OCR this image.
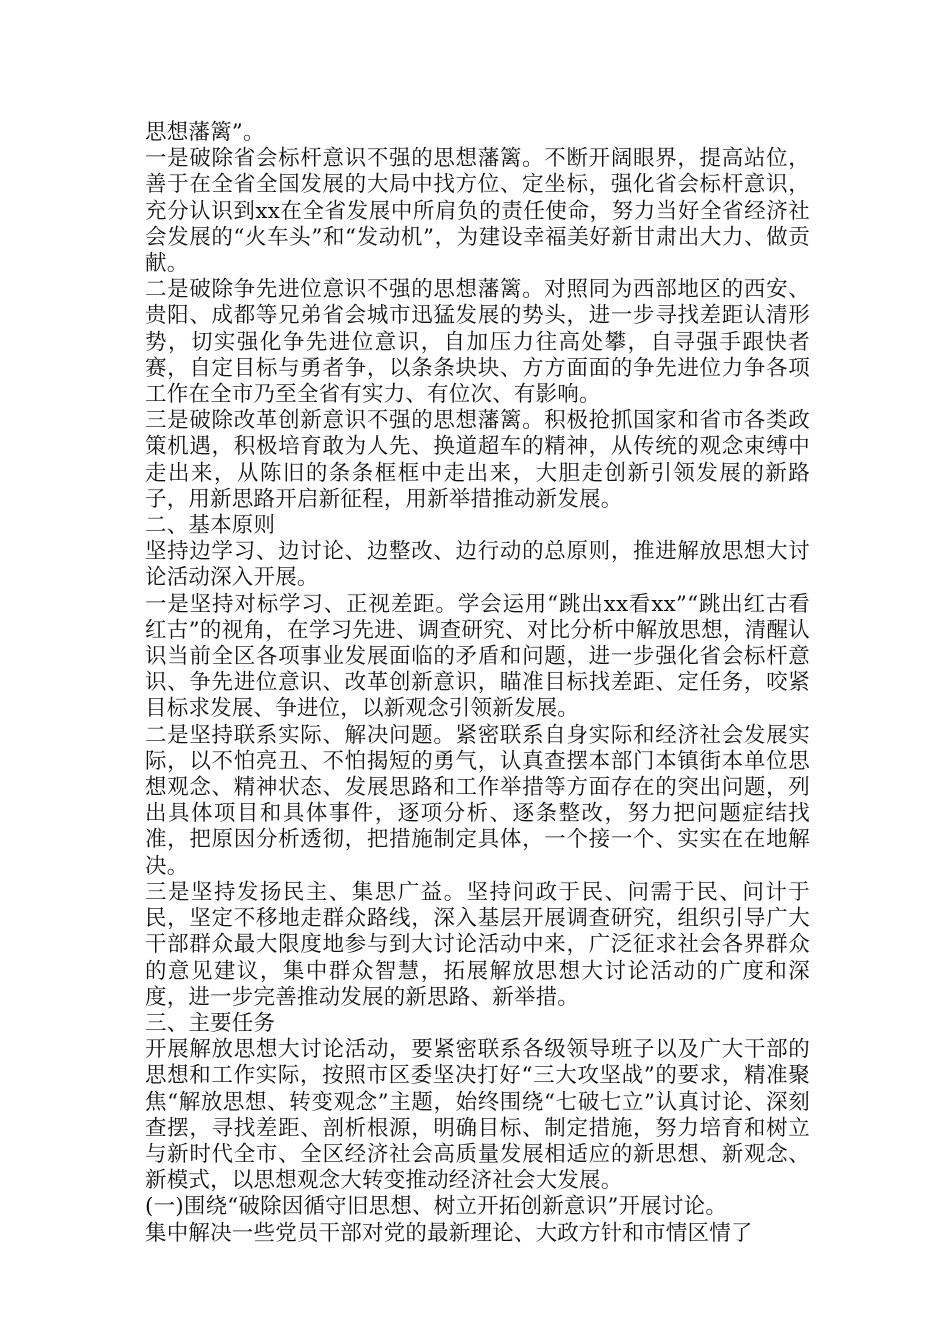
思想藩篱”。

一是破除省会标杆意识不强的思想藩篱。不断开阔眼界，提高站位，善于在全省全国发展的大局中找方位、定坐标，强化省会标杆意识，充分认识到xx在全省发展中所肩负的责任使命，努力当好全省经济社会发展的“火车头”和“发动机”，为建设幸福美好新甘肃出大力、做贡献。

二是破除争先进位意识不强的思想藩篱。对照同为西部地区的西安、贵阳、成都等兄弟省会城市迅猛发展的势头，进一步寻找差距认清形势，切实强化争先进位意识，自加压力往高处攀，自寻强手跟快者赛，自定目标与勇者争，以条条块块、方方面面的争先进位力争各项工作在全市乃至全省有实力、有位次、有影响。

三是破除改革创新意识不强的思想藩篱。积极抢抓国家和省市各类政策机遇，积极培育敢为人先、换道超车的精神，从传统的观念束缚中走出来，从陈旧的条条框框中走出来，大胆走创新引领发展的新路子，用新思路开启新征程，用新举措推动新发展。

二、基本原则

坚持边学习、边讨论、边整改、边行动的总原则，推进解放思想大讨论活动深入开展。

一是坚持对标学习、正视差距。学会运用“跳出xx看xx”“跳出红古看红古”的视角，在学习先进、调查研究、对比分析中解放思想，清醒认识当前全区各项事业发展面临的矛盾和问题，进一步强化省会标杆意识、争先进位意识、改革创新意识，瞄准目标找差距、定任务，咬紧目标求发展、争进位，以新观念引领新发展。

二是坚持联系实际、解决问题。紧密联系自身实际和经济社会发展实际，以不怕亮丑、不怕揭短的勇气，认真查摆本部门本镇街本单位思想观念、精神状态、发展思路和工作举措等方面存在的突出问题，列出具体项目和具体事件，逐项分析、逐条整改，努力把问题症结找准，把原因分析透彻，把措施制定具体，一个接一个、实实在在地解决。

三是坚持发扬民主、集思广益。坚持问政于民、问需于民、问计于民，坚定不移地走群众路线，深入基层开展调查研究，组织引导广大干部群众最大限度地参与到大讨论活动中来，广泛征求社会各界群众的意见建议，集中群众智慧，拓展解放思想大讨论活动的广度和深度，进一步完善推动发展的新思路、新举措。

三、主要任务

开展解放思想大讨论活动，要紧密联系各级领导班子以及广大干部的思想和工作实际，按照市区委坚决打好“三大攻坚战”的要求，精准聚焦“解放思想、转变观念”主题，始终围绕“七破七立”认真讨论、深刻查摆，寻找差距、剖析根源，明确目标、制定措施，努力培育和树立与新时代全市、全区经济社会高质量发展相适应的新思想、新观念、新模式，以思想观念大转变推动经济社会大发展。

(一)围绕“破除因循守旧思想、树立开拓创新意识”开展讨论。

集中解决一些党员干部对党的最新理论、大政方针和市情区情了
